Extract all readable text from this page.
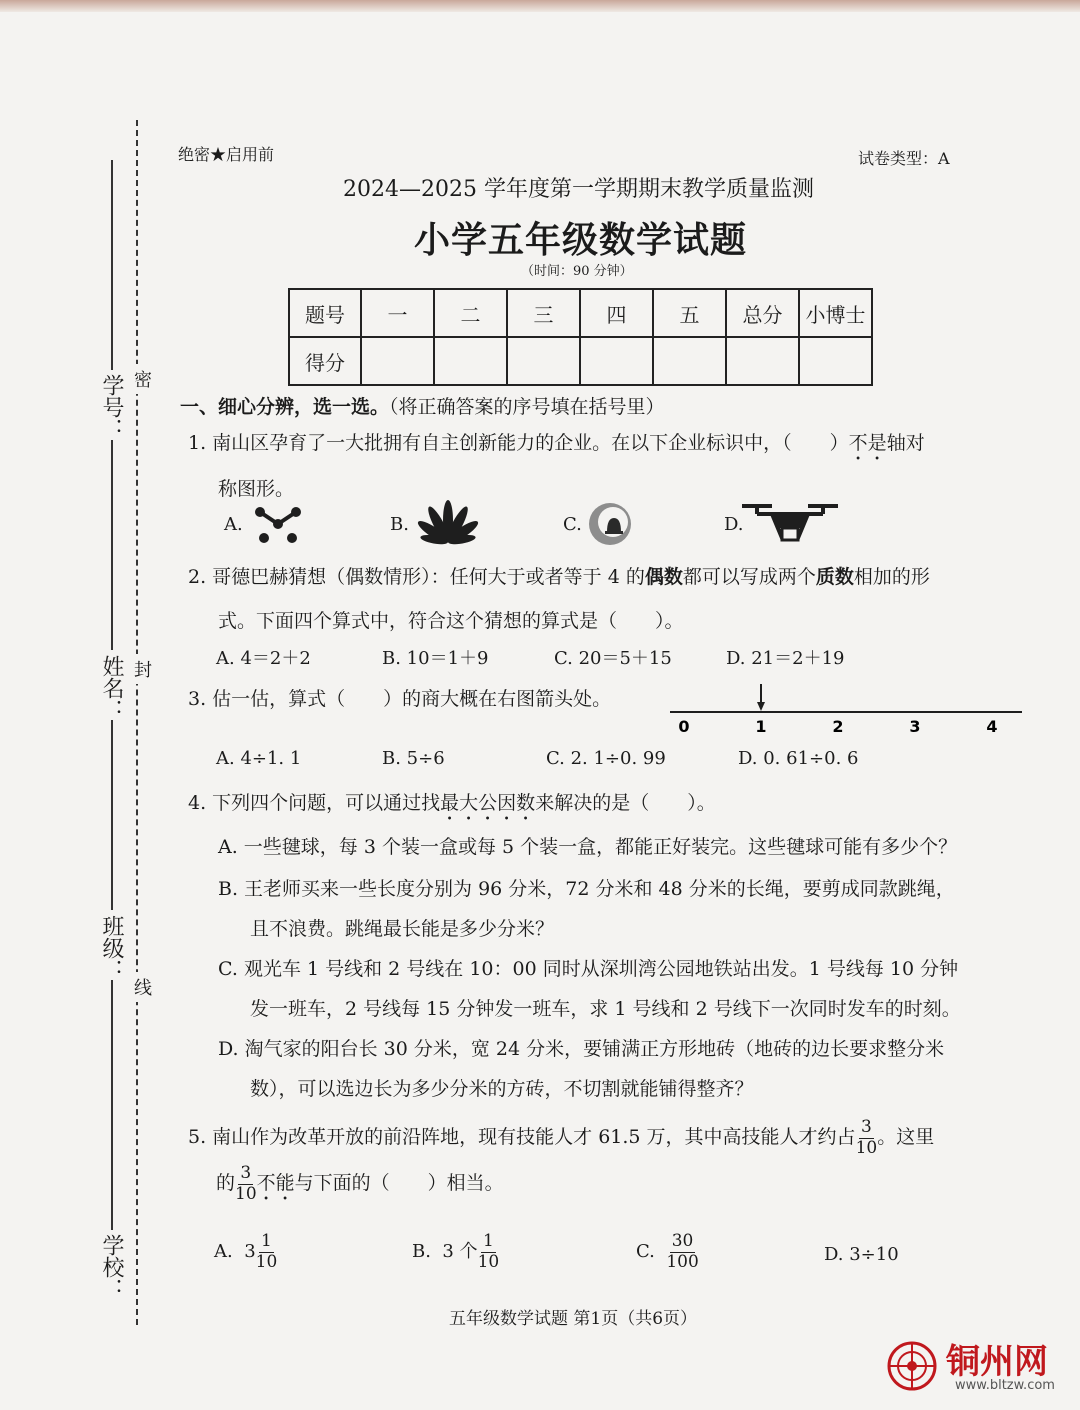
学号：
姓名：
班级：
学校：
密
封
线
绝密★启用前	试卷类型：A
2024—2025 学年度第一学期期末教学质量监测
小学五年级数学试题
（时间：90 分钟）
题号	一	二	三	四	五	总分	小博士
得分							
一、细心分辨，选一选。（将正确答案的序号填在括号里）
1. 南山区孕育了一大批拥有自主创新能力的企业。在以下企业标识中，（　　）不是轴对
称图形。
A.	B.	C.	D.
2. 哥德巴赫猜想（偶数情形）：任何大于或者等于 4 的偶数都可以写成两个质数相加的形
式。下面四个算式中，符合这个猜想的算式是（　　）。
A. 4＝2＋2	B. 10＝1＋9	C. 20＝5＋15	D. 21＝2＋19
3. 估一估，算式（　　）的商大概在右图箭头处。
0	1	2	3	4
A. 4÷1. 1	B. 5÷6	C. 2. 1÷0. 99	D. 0. 61÷0. 6
4. 下列四个问题，可以通过找最大公因数来解决的是（　　）。
A. 一些毽球，每 3 个装一盒或每 5 个装一盒，都能正好装完。这些毽球可能有多少个？
B. 王老师买来一些长度分别为 96 分米，72 分米和 48 分米的长绳，要剪成同款跳绳，
且不浪费。跳绳最长能是多少分米？
C. 观光车 1 号线和 2 号线在 10：00 同时从深圳湾公园地铁站出发。1 号线每 10 分钟
发一班车，2 号线每 15 分钟发一班车，求 1 号线和 2 号线下一次同时发车的时刻。
D. 淘气家的阳台长 30 分米，宽 24 分米，要铺满正方形地砖（地砖的边长要求整分米
数），可以选边长为多少分米的方砖，不切割就能铺得整齐？
5. 南山作为改革开放的前沿阵地，现有技能人才 61.5 万，其中高技能人才约占 $\frac{3}{10}$ 。这里
的 $\frac{3}{10}$ 不能与下面的（　　）相当。
A. $3 \frac{1}{10}$	B. 3 个 $\frac{1}{10}$	C. $\frac{30}{100}$	D. 3÷10
五年级数学试题 第1页（共6页）
铜州网
www.bltzw.com
